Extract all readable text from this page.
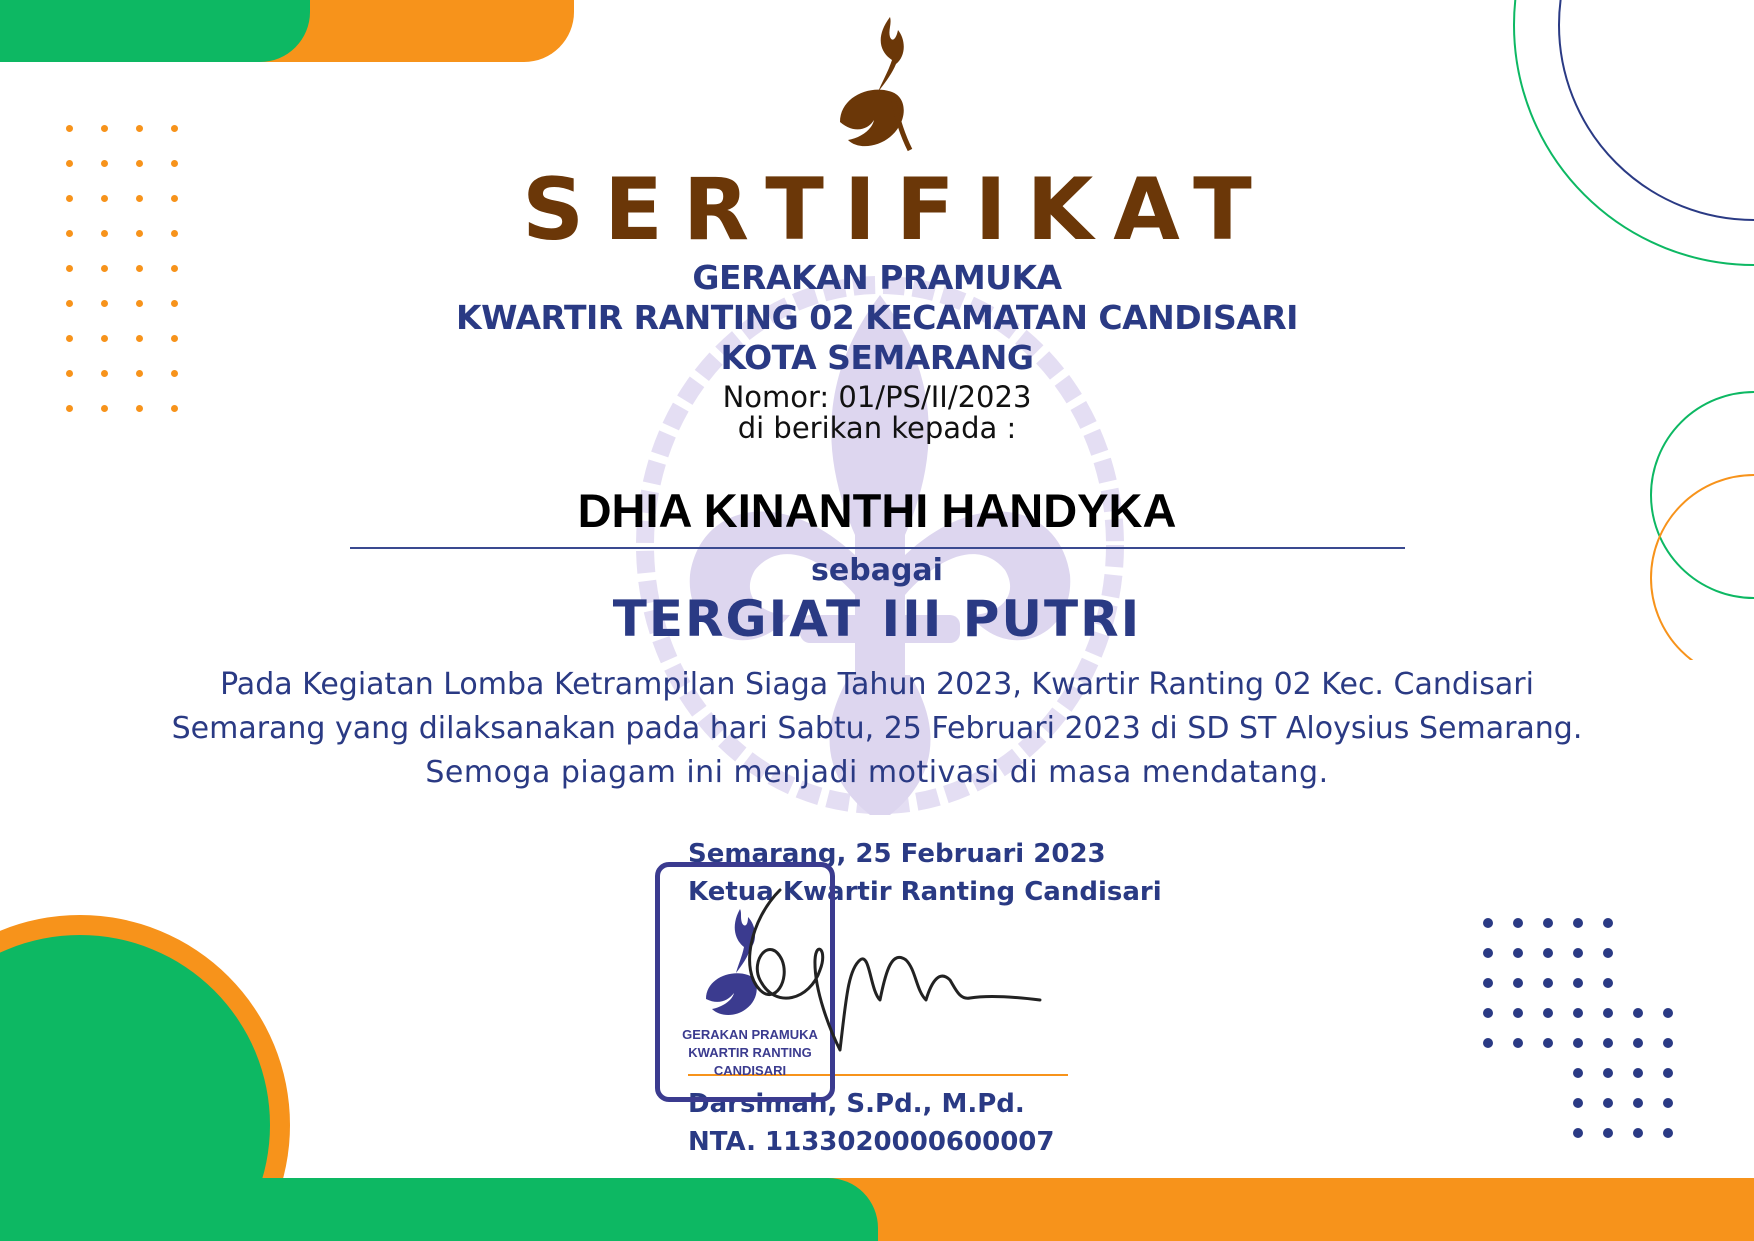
SERTIFIKAT
GERAKAN PRAMUKA
KWARTIR RANTING 02 KECAMATAN CANDISARI
KOTA SEMARANG
Nomor: 01/PS/II/2023
di berikan kepada :
DHIA KINANTHI HANDYKA
sebagai
TERGIAT III PUTRI
Pada Kegiatan Lomba Ketrampilan Siaga Tahun 2023, Kwartir Ranting 02 Kec. Candisari
Semarang yang dilaksanakan pada hari Sabtu, 25 Februari 2023 di SD ST Aloysius Semarang.
Semoga piagam ini menjadi motivasi di masa mendatang.
Semarang, 25 Februari 2023
Ketua Kwartir Ranting Candisari
GERAKAN PRAMUKA
KWARTIR RANTING
CANDISARI
Darsimah, S.Pd., M.Pd.
NTA. 1133020000600007
